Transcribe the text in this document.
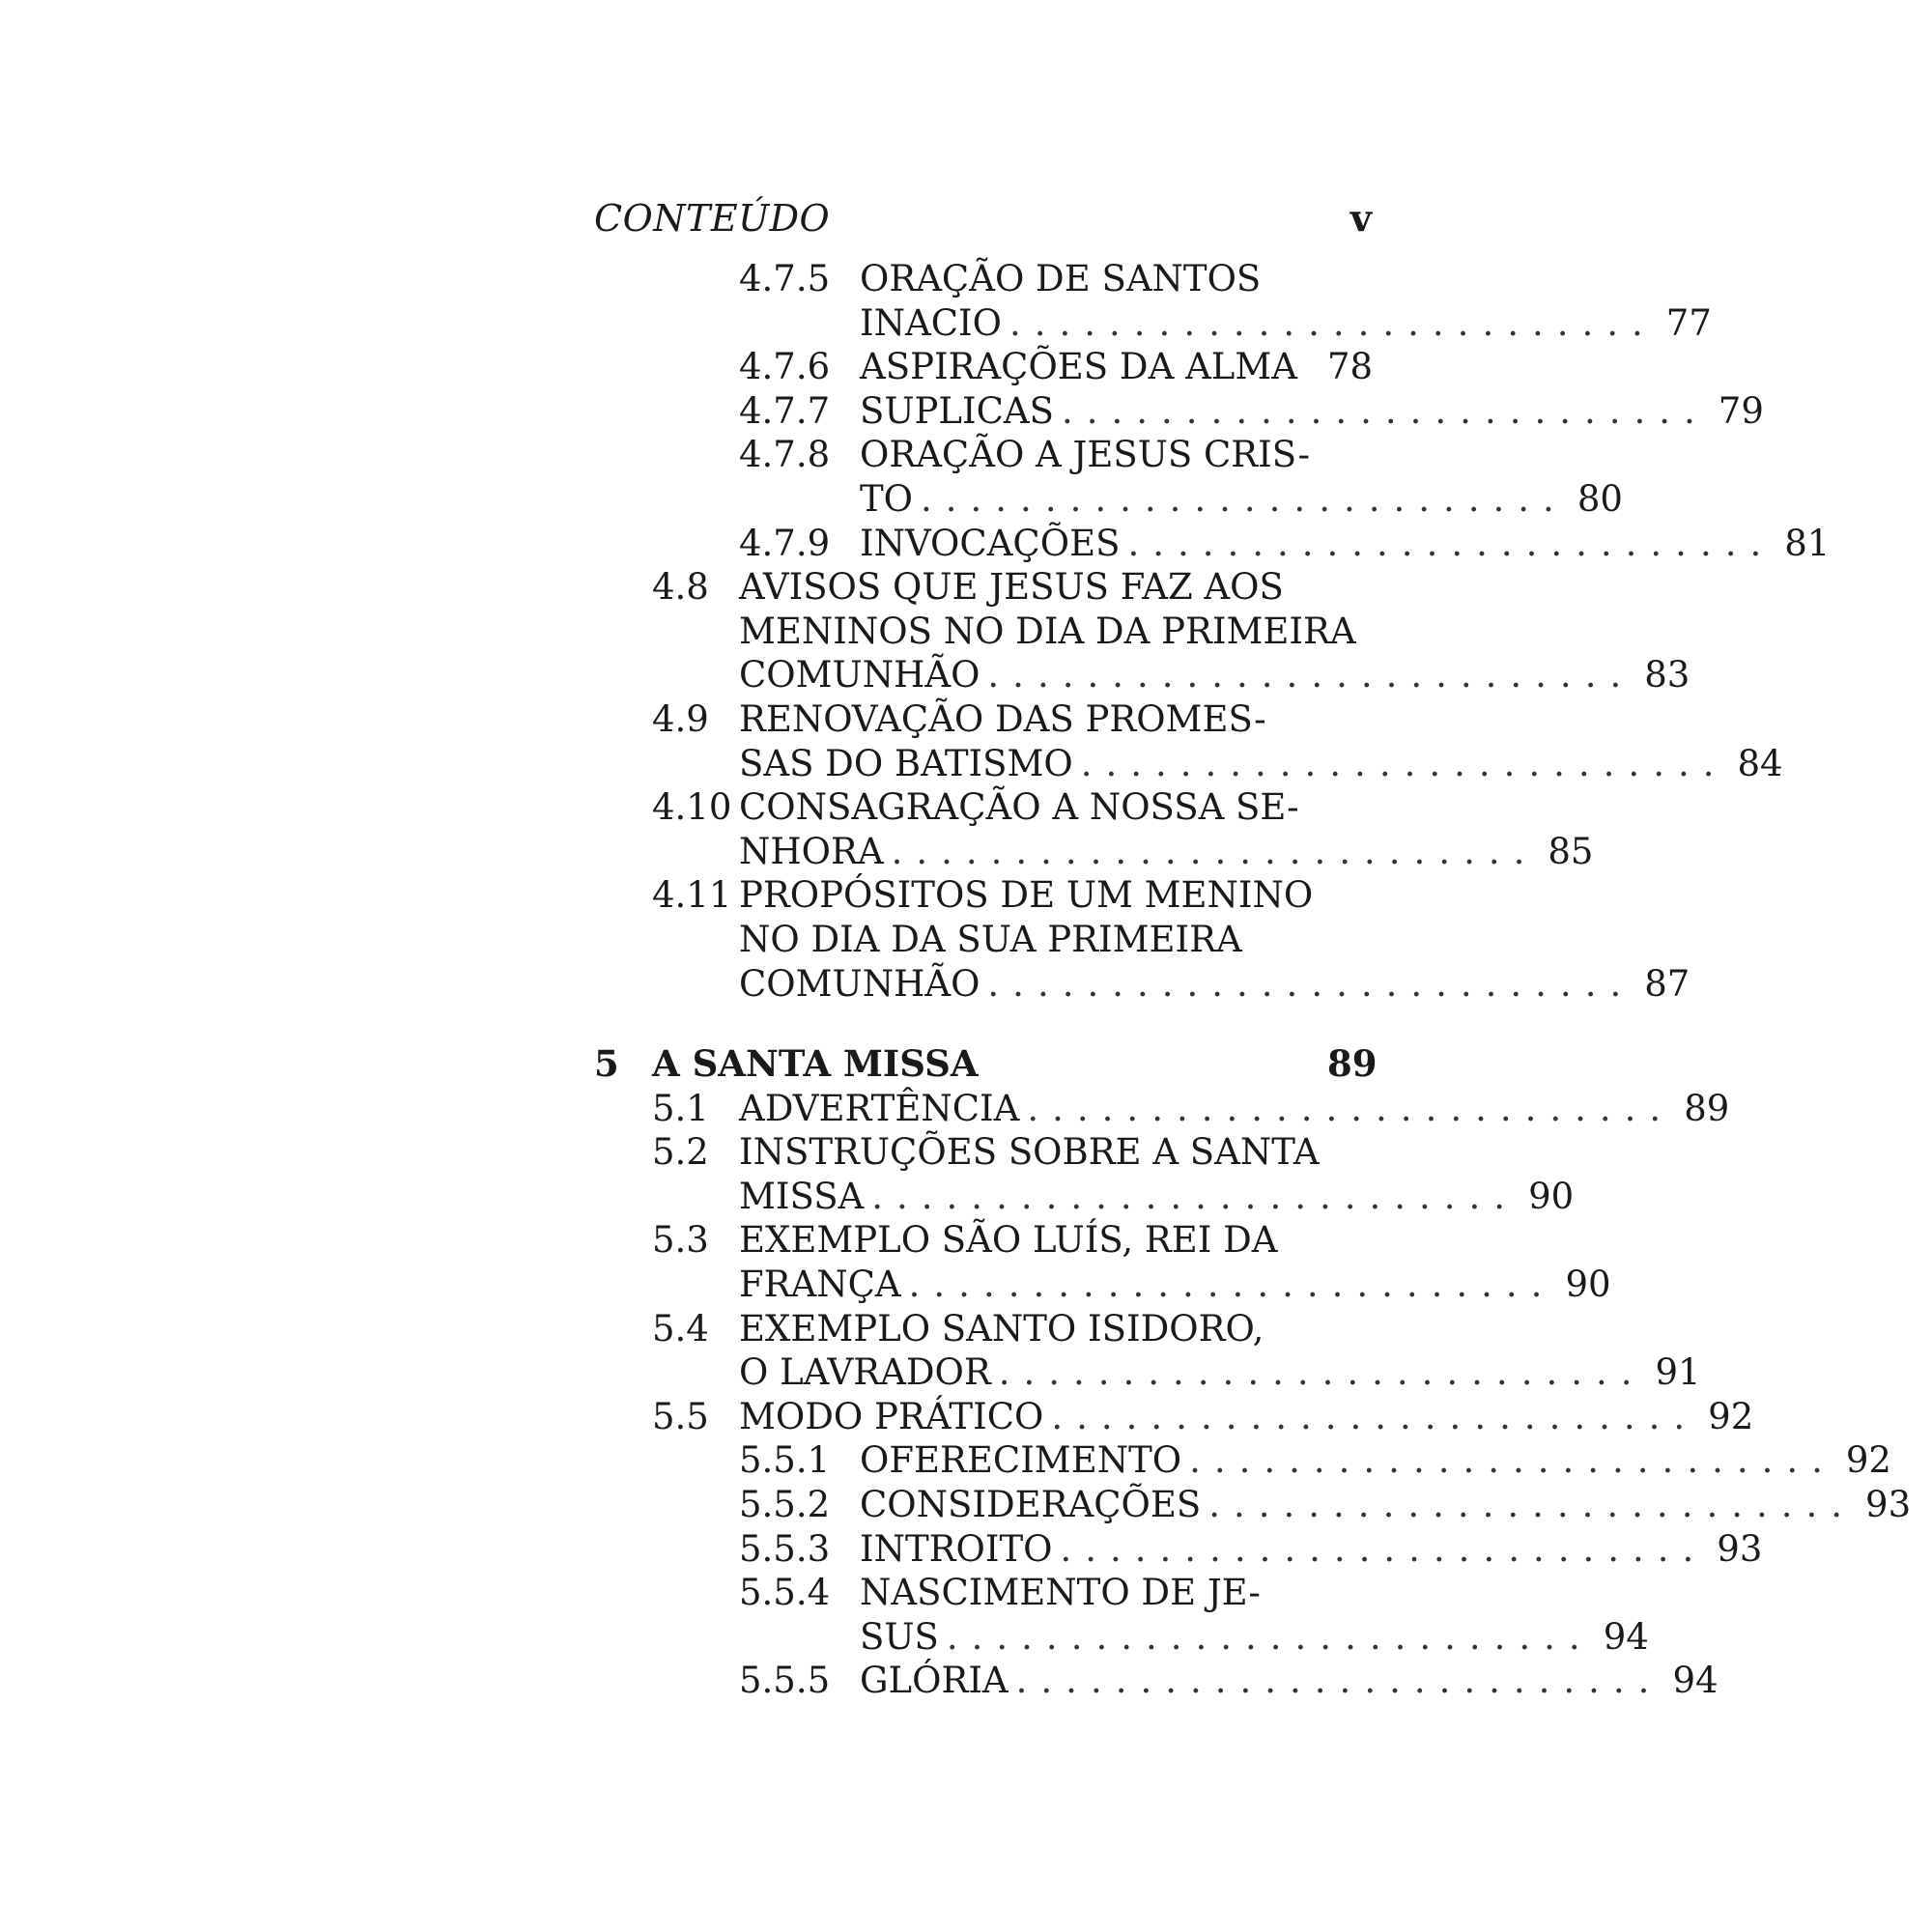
CONTEÚDO	v
4.7.5 ORAÇÃO DE SANTOS
INACIO .......................... 77
4.7.6 ASPIRAÇÕES DA ALMA 78
4.7.7 SUPLICAS .......................... 79
4.7.8 ORAÇÃO A JESUS CRIS-
TO .......................... 80
4.7.9 INVOCAÇÕES .......................... 81
4.8 AVISOS QUE JESUS FAZ AOS
MENINOS NO DIA DA PRIMEIRA
COMUNHÃO .......................... 83
4.9 RENOVAÇÃO DAS PROMES-
SAS DO BATISMO .......................... 84
4.10 CONSAGRAÇÃO A NOSSA SE-
NHORA .......................... 85
4.11 PROPÓSITOS DE UM MENINO
NO DIA DA SUA PRIMEIRA
COMUNHÃO .......................... 87
5 A SANTA MISSA	89
5.1 ADVERTÊNCIA .......................... 89
5.2 INSTRUÇÕES SOBRE A SANTA
MISSA .......................... 90
5.3 EXEMPLO SÃO LUÍS, REI DA
FRANÇA .......................... 90
5.4 EXEMPLO SANTO ISIDORO,
O LAVRADOR .......................... 91
5.5 MODO PRÁTICO .......................... 92
5.5.1 OFERECIMENTO .......................... 92
5.5.2 CONSIDERAÇÕES .......................... 93
5.5.3 INTROITO .......................... 93
5.5.4 NASCIMENTO DE JE-
SUS .......................... 94
5.5.5 GLÓRIA .......................... 94
